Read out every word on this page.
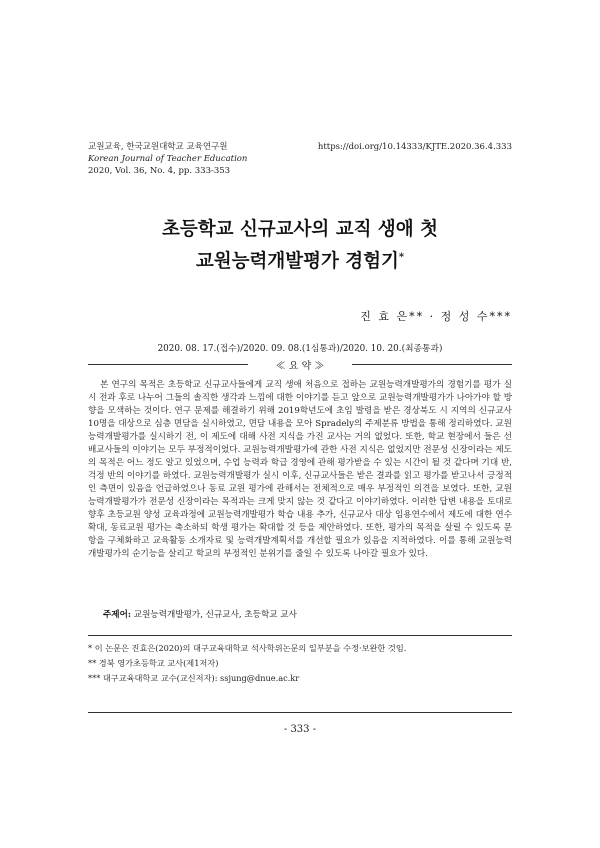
교원교육, 한국교원대학교 교육연구원
Korean Journal of Teacher Education
2020, Vol. 36, No. 4, pp. 333-353
https://doi.org/10.14333/KJTE.2020.36.4.333
초등학교 신규교사의 교직 생애 첫
교원능력개발평가 경험기*
진 효 은** · 정 성 수***
2020. 08. 17.(접수)/2020. 09. 08.(1심통과)/2020. 10. 20.(최종통과)
≪ 요 약 ≫

본 연구의 목적은 초등학교 신규교사들에게 교직 생애 처음으로 접하는 교원능력개발평가의 경험기를 평가 실시 전과 후로 나누어 그들의 솔직한 생각과 느낌에 대한 이야기를 듣고 앞으로 교원능력개발평가가 나아가야 할 방향을 모색하는 것이다. 연구 문제를 해결하기 위해 2019학년도에 초임 발령을 받은 경상북도 시 지역의 신규교사 10명을 대상으로 심층 면담을 실시하였고, 면담 내용을 모아 Spradely의 주제분류 방법을 통해 정리하였다. 교원능력개발평가를 실시하기 전, 이 제도에 대해 사전 지식을 가진 교사는 거의 없었다. 또한, 학교 현장에서 들은 선배교사들의 이야기는 모두 부정적이었다. 교원능력개발평가에 관한 사전 지식은 없었지만 전문성 신장이라는 제도의 목적은 어느 정도 알고 있었으며, 수업 능력과 학급 경영에 관해 평가받을 수 있는 시간이 될 것 같다며 기대 반, 걱정 반의 이야기를 하였다. 교원능력개발평가 실시 이후, 신규교사들은 받은 결과를 읽고 평가를 받고나서 긍정적인 측면이 있음을 언급하였으나 동료 교원 평가에 관해서는 전체적으로 매우 부정적인 의견을 보였다. 또한, 교원능력개발평가가 전문성 신장이라는 목적과는 크게 맞지 않는 것 같다고 이야기하였다. 이러한 답변 내용을 토대로 향후 초등교원 양성 교육과정에 교원능력개발평가 학습 내용 추가, 신규교사 대상 임용연수에서 제도에 대한 연수 확대, 동료교원 평가는 축소하되 학생 평가는 확대할 것 등을 제안하였다. 또한, 평가의 목적을 살릴 수 있도록 문항을 구체화하고 교육활동 소개자료 및 능력개발계획서를 개선할 필요가 있음을 지적하였다. 이를 통해 교원능력개발평가의 순기능을 살리고 학교의 부정적인 분위기를 줄일 수 있도록 나아갈 필요가 있다.

주제어: 교원능력개발평가, 신규교사, 초등학교 교사
* 이 논문은 진효은(2020)의 대구교육대학교 석사학위논문의 일부분을 수정·보완한 것임.
** 경북 영가초등학교 교사(제1저자)
*** 대구교육대학교 교수(교신저자): ssjung@dnue.ac.kr
- 333 -
